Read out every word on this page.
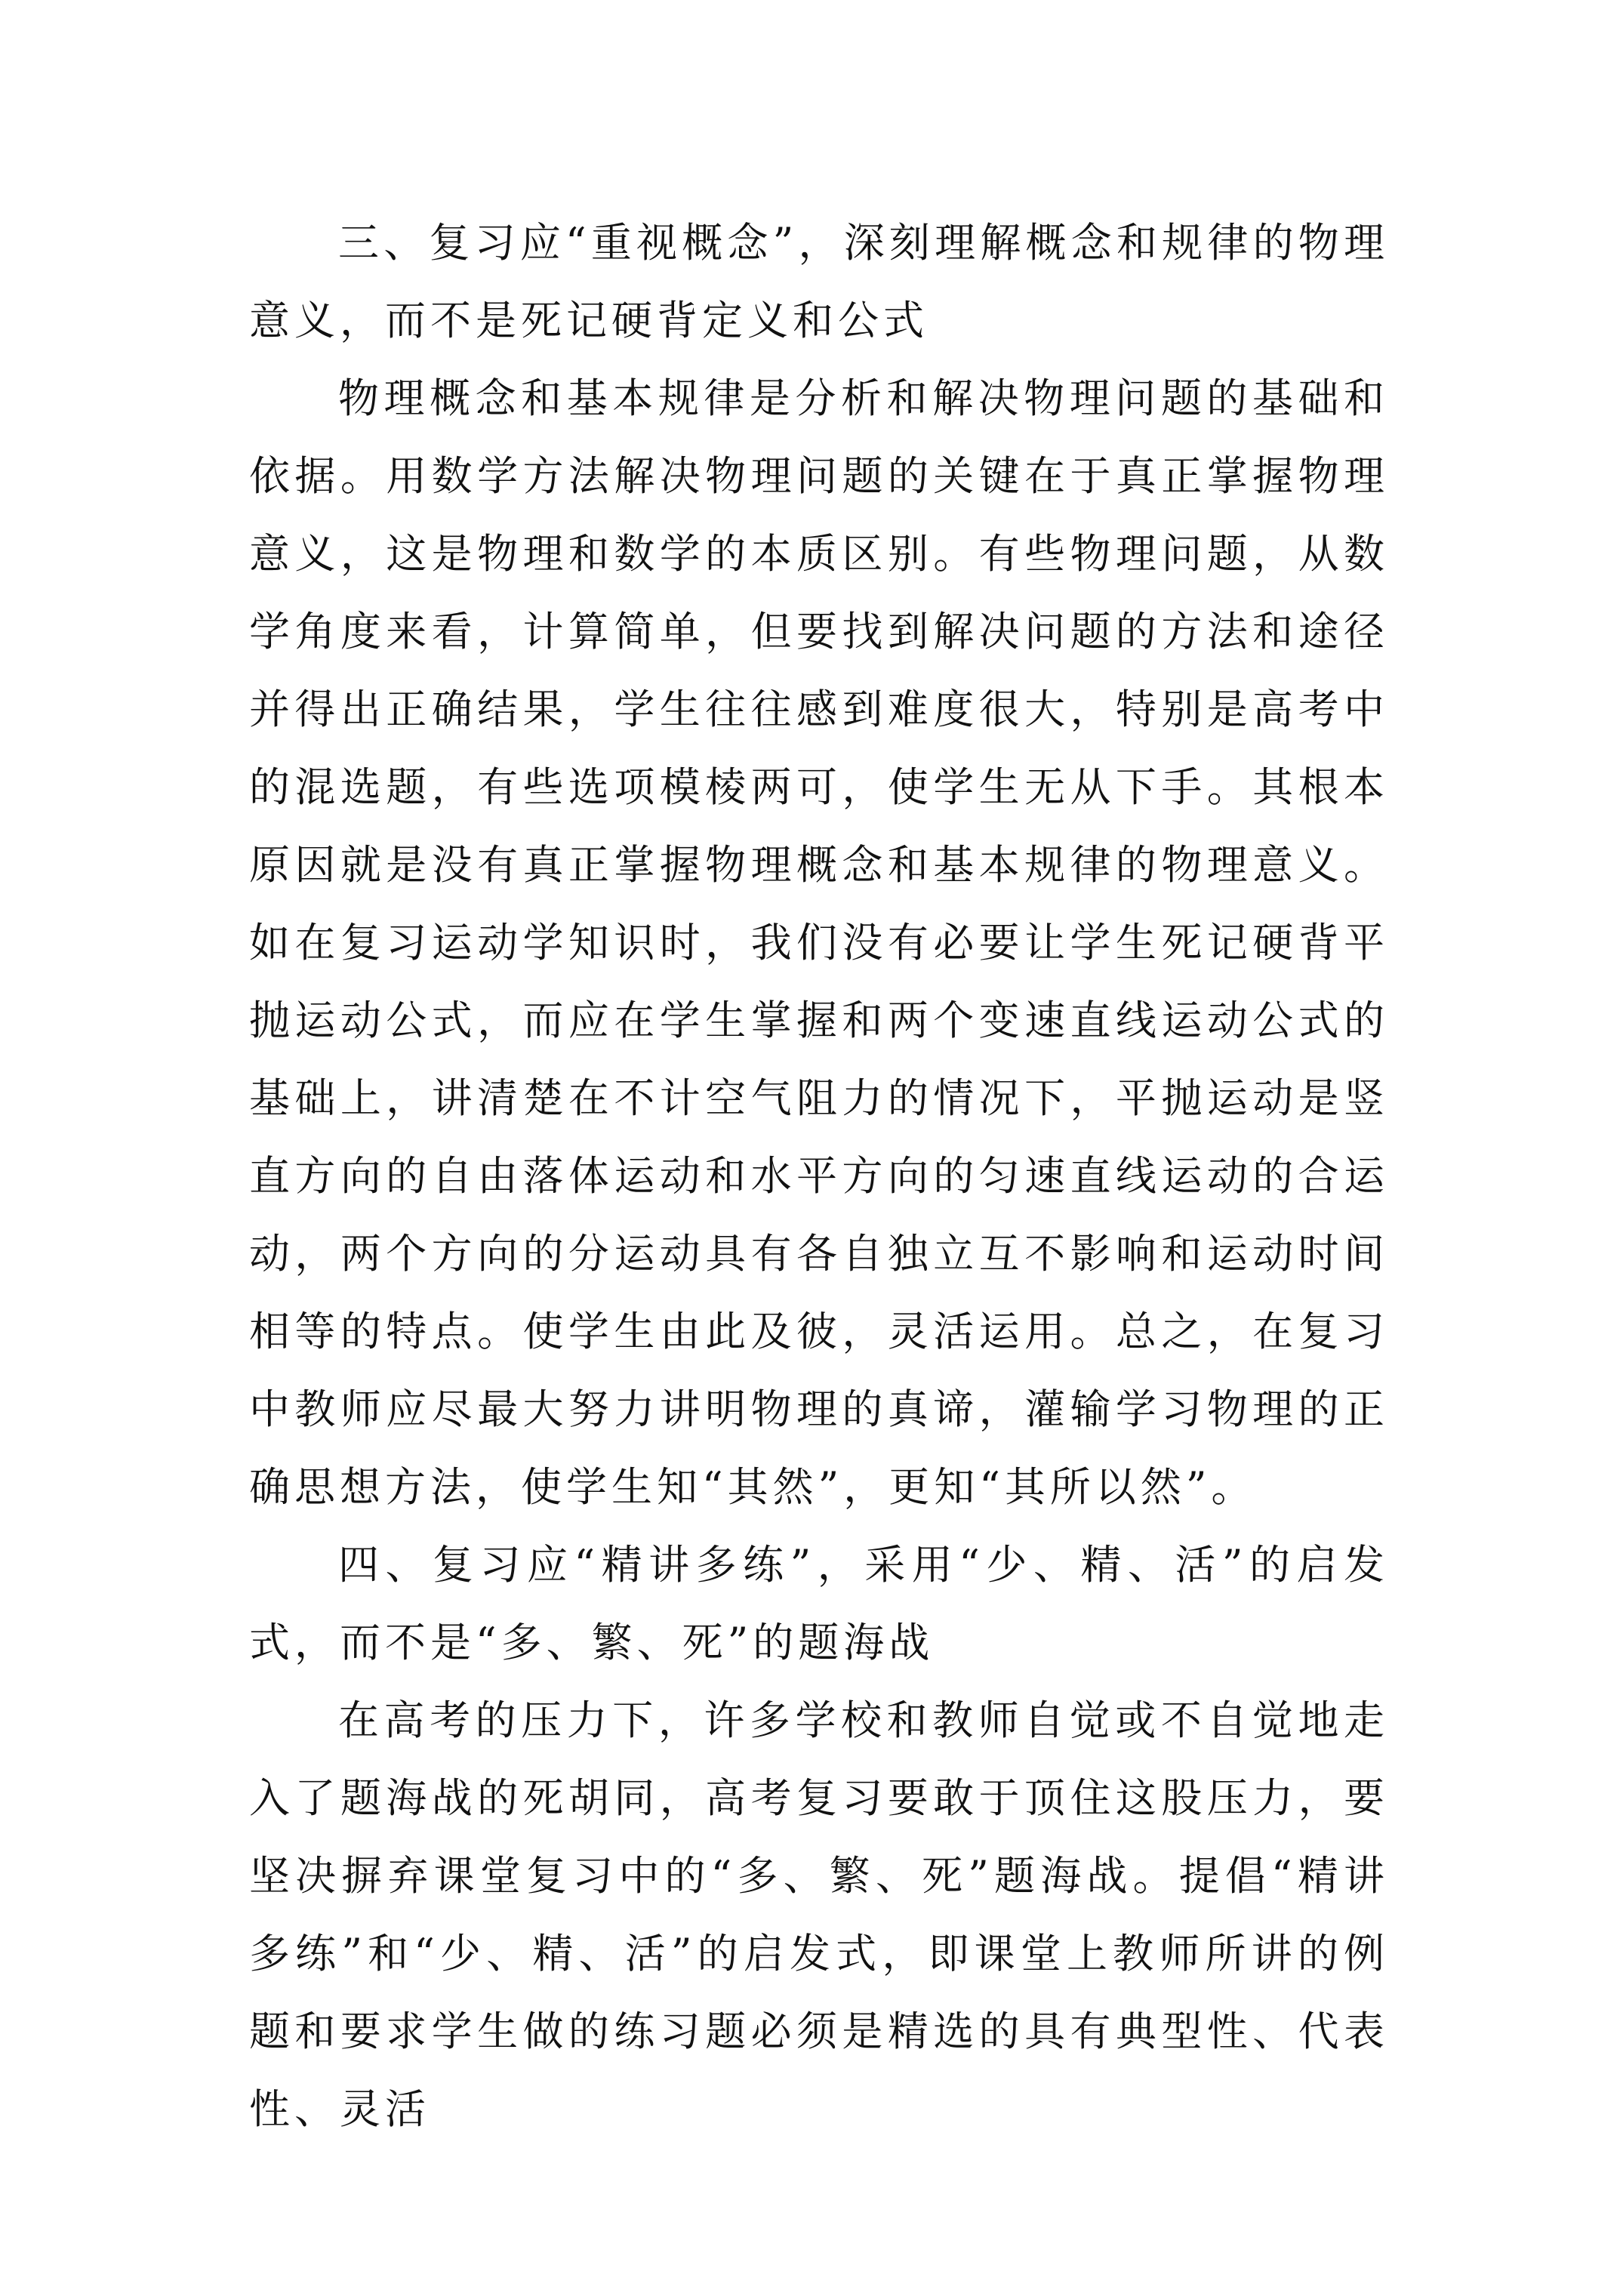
三、复习应“重视概念”，深刻理解概念和规律的物理意义，而不是死记硬背定义和公式

物理概念和基本规律是分析和解决物理问题的基础和依据。用数学方法解决物理问题的关键在于真正掌握物理意义，这是物理和数学的本质区别。有些物理问题，从数学角度来看，计算简单，但要找到解决问题的方法和途径并得出正确结果，学生往往感到难度很大，特别是高考中的混选题，有些选项模棱两可，使学生无从下手。其根本原因就是没有真正掌握物理概念和基本规律的物理意义。如在复习运动学知识时，我们没有必要让学生死记硬背平抛运动公式，而应在学生掌握和两个变速直线运动公式的基础上，讲清楚在不计空气阻力的情况下，平抛运动是竖直方向的自由落体运动和水平方向的匀速直线运动的合运动，两个方向的分运动具有各自独立互不影响和运动时间相等的特点。使学生由此及彼，灵活运用。总之，在复习中教师应尽最大努力讲明物理的真谛，灌输学习物理的正确思想方法，使学生知“其然”，更知“其所以然”。

四、复习应“精讲多练”，采用“少、精、活”的启发式，而不是“多、繁、死”的题海战

在高考的压力下，许多学校和教师自觉或不自觉地走入了题海战的死胡同，高考复习要敢于顶住这股压力，要坚决摒弃课堂复习中的“多、繁、死”题海战。提倡“精讲多练”和“少、精、活”的启发式，即课堂上教师所讲的例题和要求学生做的练习题必须是精选的具有典型性、代表性、灵活
